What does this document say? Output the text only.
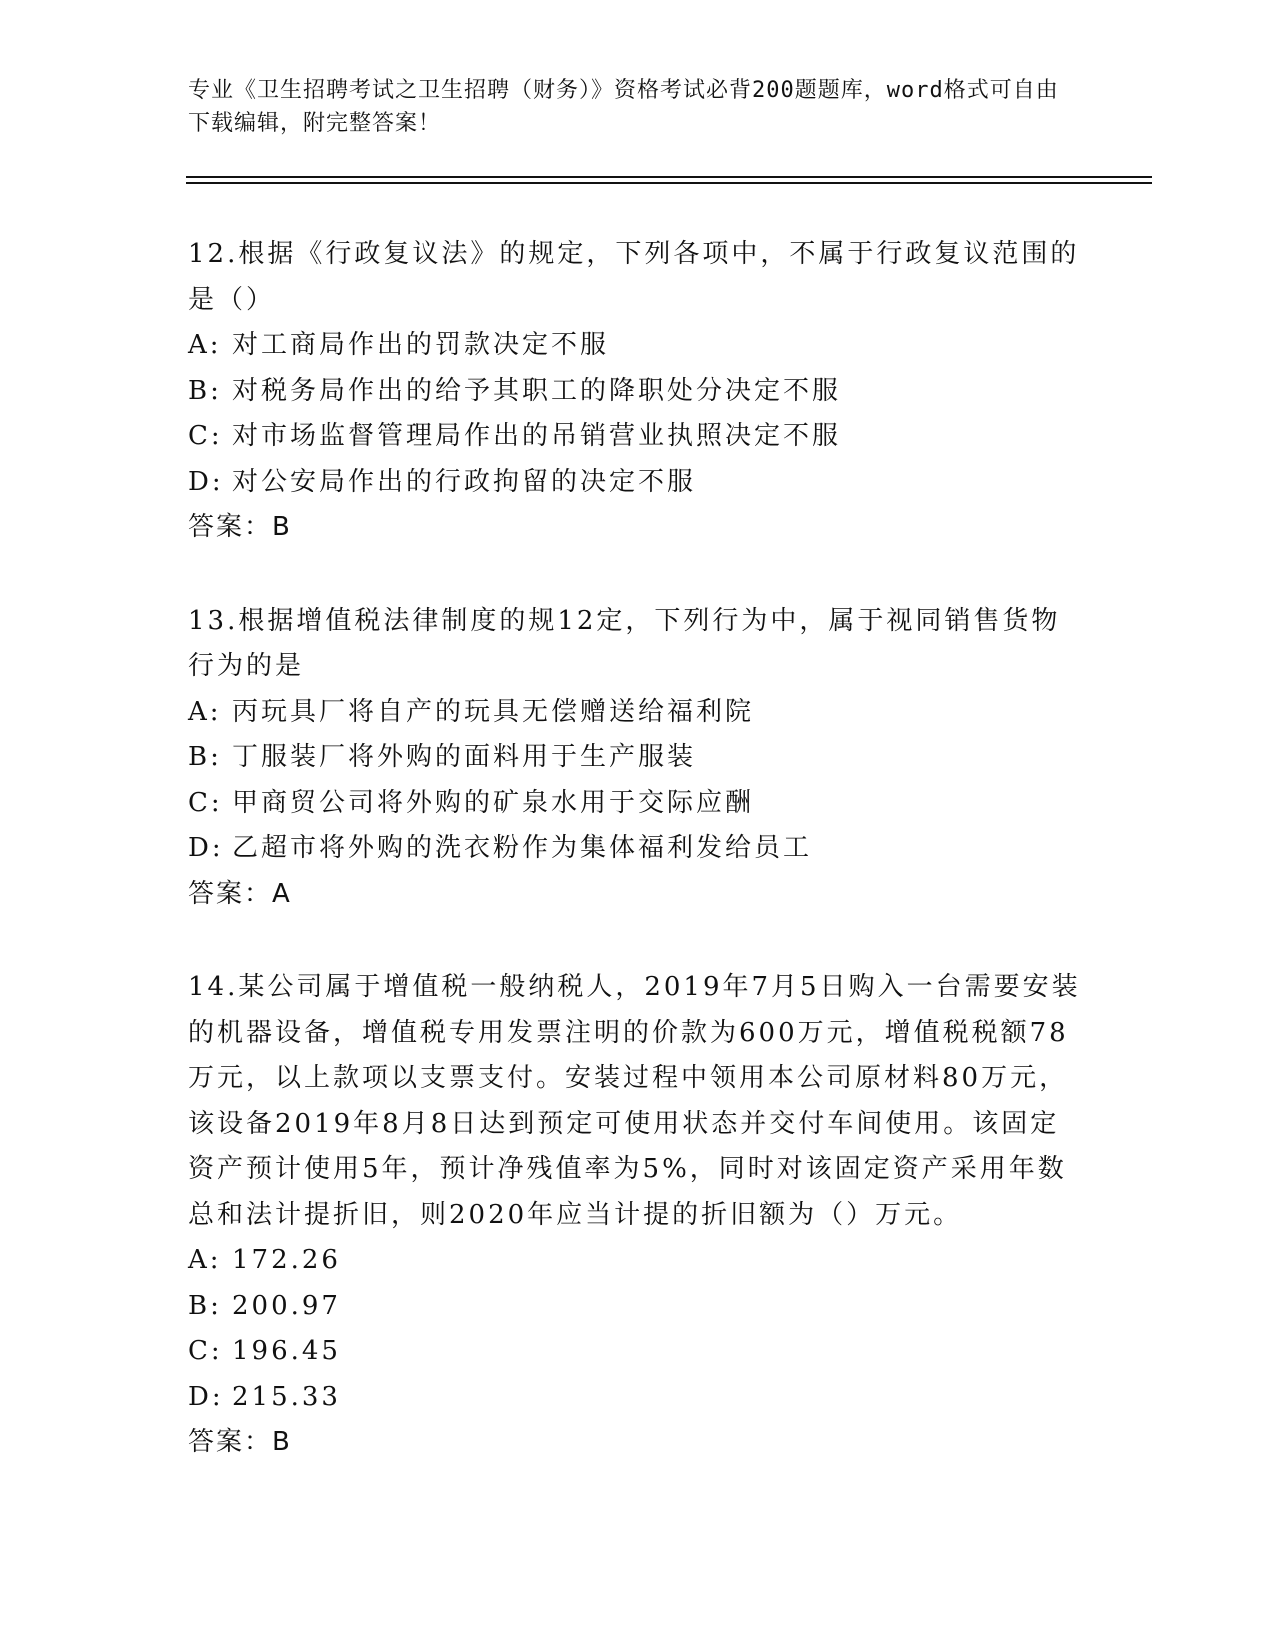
专业《卫生招聘考试之卫生招聘（财务）》资格考试必背200题题库，word格式可自由下载编辑，附完整答案！

12.根据《行政复议法》的规定，下列各项中，不属于行政复议范围的是（）

A: 对工商局作出的罚款决定不服

B: 对税务局作出的给予其职工的降职处分决定不服

C: 对市场监督管理局作出的吊销营业执照决定不服

D: 对公安局作出的行政拘留的决定不服

答案：B

13.根据增值税法律制度的规12定，下列行为中，属于视同销售货物行为的是

A: 丙玩具厂将自产的玩具无偿赠送给福利院

B: 丁服装厂将外购的面料用于生产服装

C: 甲商贸公司将外购的矿泉水用于交际应酬

D: 乙超市将外购的洗衣粉作为集体福利发给员工

答案：A

14.某公司属于增值税一般纳税人，2019年7月5日购入一台需要安装的机器设备，增值税专用发票注明的价款为600万元，增值税税额78万元，以上款项以支票支付。安装过程中领用本公司原材料80万元，该设备2019年8月8日达到预定可使用状态并交付车间使用。该固定资产预计使用5年，预计净残值率为5%，同时对该固定资产采用年数总和法计提折旧，则2020年应当计提的折旧额为（）万元。

A: 172.26

B: 200.97

C: 196.45

D: 215.33

答案：B
